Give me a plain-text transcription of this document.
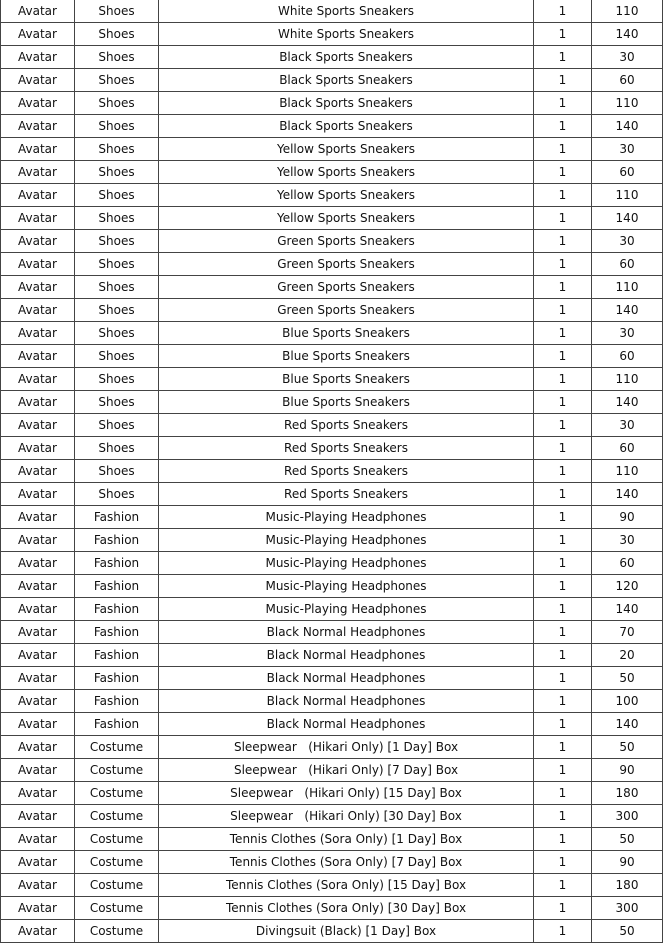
Avatar	Shoes	White Sports Sneakers	1	110
Avatar	Shoes	White Sports Sneakers	1	140
Avatar	Shoes	Black Sports Sneakers	1	30
Avatar	Shoes	Black Sports Sneakers	1	60
Avatar	Shoes	Black Sports Sneakers	1	110
Avatar	Shoes	Black Sports Sneakers	1	140
Avatar	Shoes	Yellow Sports Sneakers	1	30
Avatar	Shoes	Yellow Sports Sneakers	1	60
Avatar	Shoes	Yellow Sports Sneakers	1	110
Avatar	Shoes	Yellow Sports Sneakers	1	140
Avatar	Shoes	Green Sports Sneakers	1	30
Avatar	Shoes	Green Sports Sneakers	1	60
Avatar	Shoes	Green Sports Sneakers	1	110
Avatar	Shoes	Green Sports Sneakers	1	140
Avatar	Shoes	Blue Sports Sneakers	1	30
Avatar	Shoes	Blue Sports Sneakers	1	60
Avatar	Shoes	Blue Sports Sneakers	1	110
Avatar	Shoes	Blue Sports Sneakers	1	140
Avatar	Shoes	Red Sports Sneakers	1	30
Avatar	Shoes	Red Sports Sneakers	1	60
Avatar	Shoes	Red Sports Sneakers	1	110
Avatar	Shoes	Red Sports Sneakers	1	140
Avatar	Fashion	Music-Playing Headphones	1	90
Avatar	Fashion	Music-Playing Headphones	1	30
Avatar	Fashion	Music-Playing Headphones	1	60
Avatar	Fashion	Music-Playing Headphones	1	120
Avatar	Fashion	Music-Playing Headphones	1	140
Avatar	Fashion	Black Normal Headphones	1	70
Avatar	Fashion	Black Normal Headphones	1	20
Avatar	Fashion	Black Normal Headphones	1	50
Avatar	Fashion	Black Normal Headphones	1	100
Avatar	Fashion	Black Normal Headphones	1	140
Avatar	Costume	Sleepwear   (Hikari Only) [1 Day] Box	1	50
Avatar	Costume	Sleepwear   (Hikari Only) [7 Day] Box	1	90
Avatar	Costume	Sleepwear   (Hikari Only) [15 Day] Box	1	180
Avatar	Costume	Sleepwear   (Hikari Only) [30 Day] Box	1	300
Avatar	Costume	Tennis Clothes (Sora Only) [1 Day] Box	1	50
Avatar	Costume	Tennis Clothes (Sora Only) [7 Day] Box	1	90
Avatar	Costume	Tennis Clothes (Sora Only) [15 Day] Box	1	180
Avatar	Costume	Tennis Clothes (Sora Only) [30 Day] Box	1	300
Avatar	Costume	Divingsuit (Black) [1 Day] Box	1	50
